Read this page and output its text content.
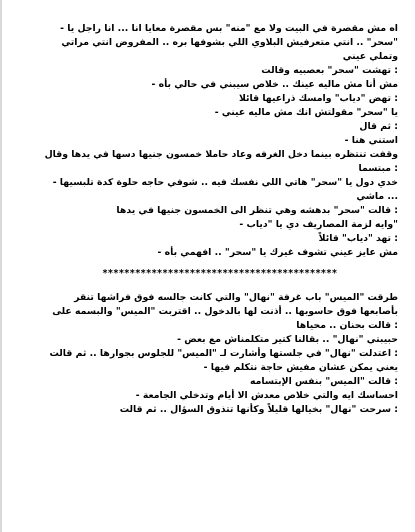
اه مش مقصرة في البيت ولا مع "منه" بس مقصرة معايا انا ... انا راجل يا -
"سحر" .. انتي متعرفيش البلاوي اللي بشوفها بره .. المفروض انتي مراتي
وتملي عيني
: تهشت "سحر" بعصبيه وقالت
مش أنا مش ماليه عينك .. خلاص سيبني في حالي بأه -
: تهض "دياب" وامسك ذراعيها قائلا
يا "سحر" مقولتش انك مش ماليه عيني -
: ثم قال
استني هنا -
وقفت تنتظره بينما دخل الغرفه وعاد حاملا خمسون جنيها دسها في يدها وقال
: مبتسما
خدي دول يا "سحر" هاتي اللي نفسك فيه .. شوفي حاجه حلوة كدة تلبسيها -
... ماشي
: قالت "سحر" بدهشه وهي تنظر الى الخمسون جنيها في يدها
"وايه لزمة المصاريف دي يا "دياب -
: تهد "دياب" قائلاً
مش عايز عيني تشوف غيرك يا "سحر" .. افهمي بأه -
*******************************************
طرقت "الميس" باب غرفة "نهال" والتي كانت جالسه فوق فراشها تنقر
بأصابعها فوق حاسوبها .. أذنت لها بالدخول .. اقتربت "الميس" والبسمه على
: قالت بحنان .. محياها
حبيبتي "نهال" .. بقالنا كتير متكلمناش مع بعض -
: اعتدلت "نهال" في جلستها وأشارت لـ "الميس" للجلوس بجوارها .. ثم قالت
يعني يمكن عشان مفيش حاجة نتكلم فيها -
: قالت "الميس" بنفس الإبتسامه
احساسك ايه والتي خلاص معدش الا أيام وتدخلي الجامعة -
: سرحت "نهال" بخيالها قليلاً وكأنها تتذوق السؤال .. ثم قالت
